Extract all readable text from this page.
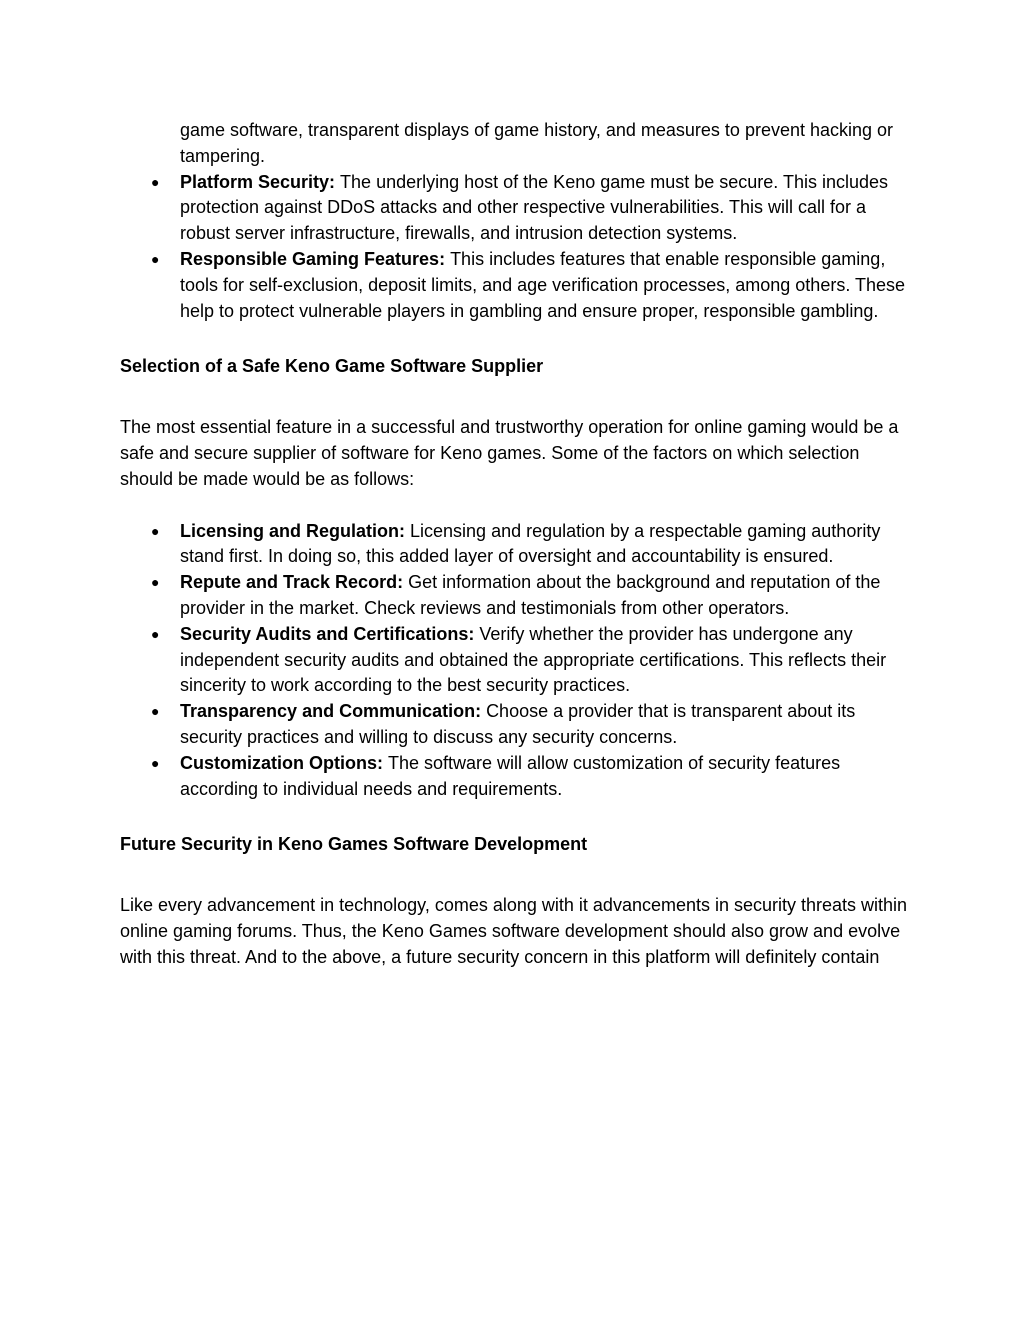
game software, transparent displays of game history, and measures to prevent hacking or tampering.

● Platform Security: The underlying host of the Keno game must be secure. This includes protection against DDoS attacks and other respective vulnerabilities. This will call for a robust server infrastructure, firewalls, and intrusion detection systems.
● Responsible Gaming Features: This includes features that enable responsible gaming, tools for self-exclusion, deposit limits, and age verification processes, among others. These help to protect vulnerable players in gambling and ensure proper, responsible gambling.
Selection of a Safe Keno Game Software Supplier

The most essential feature in a successful and trustworthy operation for online gaming would be a safe and secure supplier of software for Keno games. Some of the factors on which selection should be made would be as follows:

● Licensing and Regulation: Licensing and regulation by a respectable gaming authority stand first. In doing so, this added layer of oversight and accountability is ensured.
● Repute and Track Record: Get information about the background and reputation of the provider in the market. Check reviews and testimonials from other operators.
● Security Audits and Certifications: Verify whether the provider has undergone any independent security audits and obtained the appropriate certifications. This reflects their sincerity to work according to the best security practices.
● Transparency and Communication: Choose a provider that is transparent about its security practices and willing to discuss any security concerns.
● Customization Options: The software will allow customization of security features according to individual needs and requirements.
Future Security in Keno Games Software Development

Like every advancement in technology, comes along with it advancements in security threats within online gaming forums. Thus, the Keno Games software development should also grow and evolve with this threat. And to the above, a future security concern in this platform will definitely contain
